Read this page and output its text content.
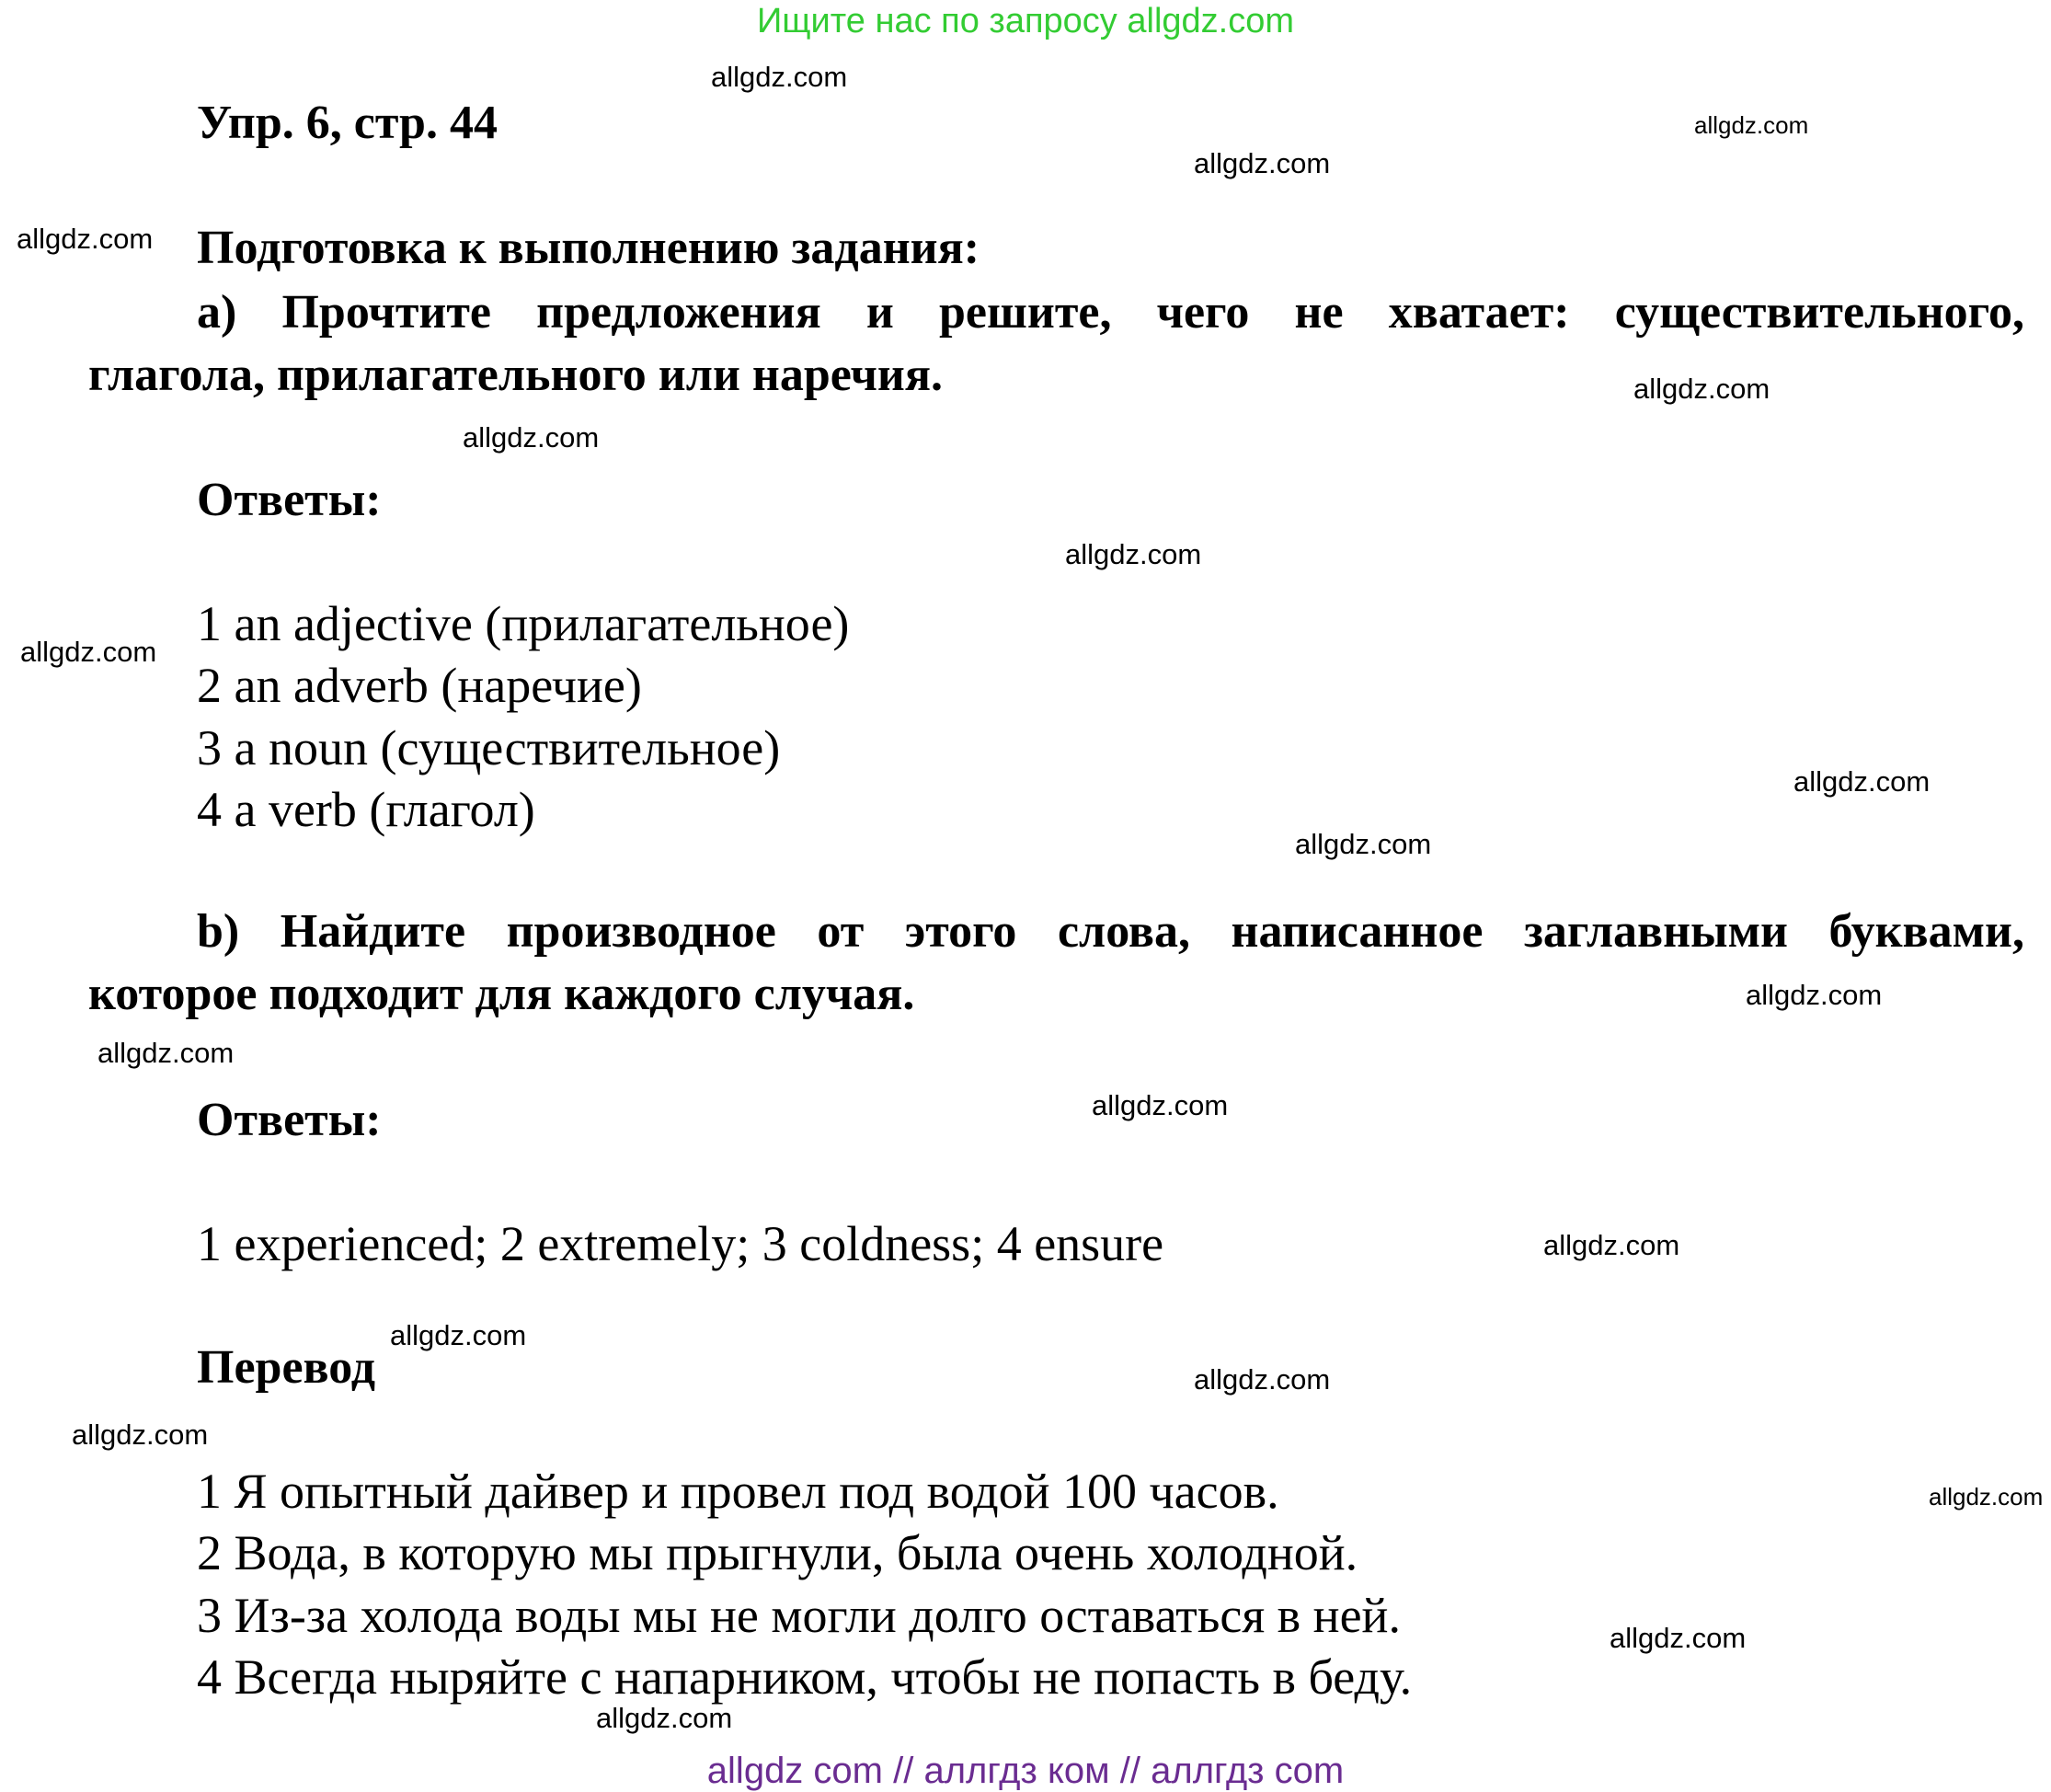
Ищите нас по запросу allgdz.com
Упр. 6, стр. 44
Подготовка к выполнению задания:
a) Прочтите предложения и решите, чего не хватает: существительного,
глагола, прилагательного или наречия.
Ответы:
1 an adjective (прилагательное)
2 an adverb (наречие)
3 a noun (существительное)
4 a verb (глагол)
b) Найдите производное от этого слова, написанное заглавными буквами,
которое подходит для каждого случая.
Ответы:
1 experienced; 2 extremely; 3 coldness; 4 ensure
Перевод
1 Я опытный дайвер и провел под водой 100 часов.
2 Вода, в которую мы прыгнули, была очень холодной.
3 Из-за холода воды мы не могли долго оставаться в ней.
4 Всегда ныряйте с напарником, чтобы не попасть в беду.
allgdz.com
allgdz.com
allgdz.com
allgdz.com
allgdz.com
allgdz.com
allgdz.com
allgdz.com
allgdz.com
allgdz.com
allgdz.com
allgdz.com
allgdz.com
allgdz.com
allgdz.com
allgdz.com
allgdz.com
allgdz.com
allgdz.com
allgdz.com
allgdz com // аллгдз ком // аллгдз com
